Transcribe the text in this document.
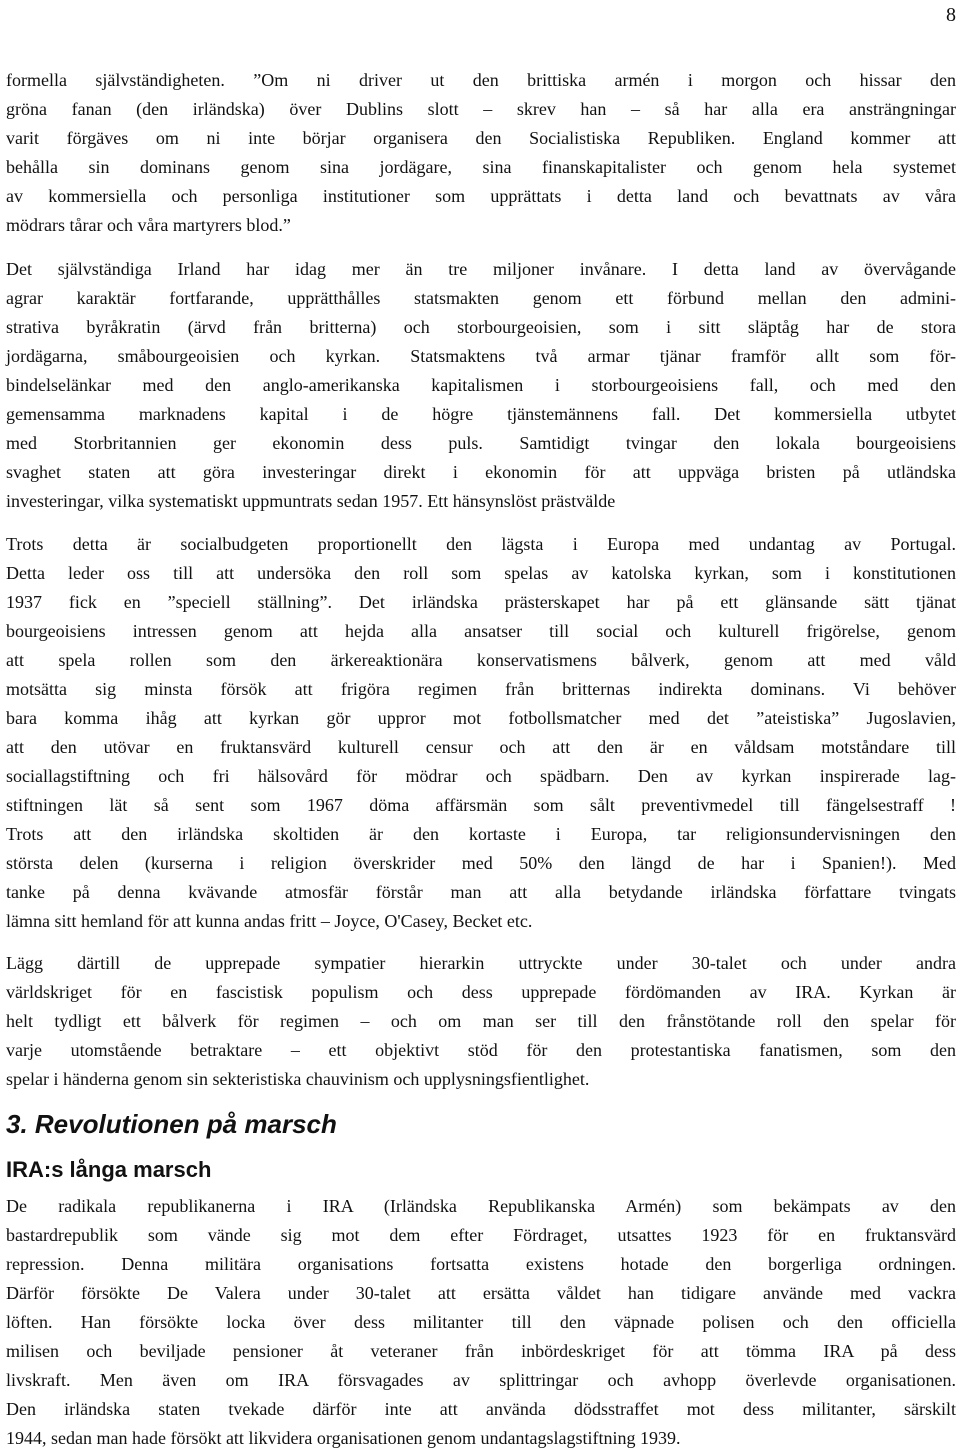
8
formella självständigheten. ”Om ni driver ut den brittiska armén i morgon och hissar den
gröna fanan (den irländska) över Dublins slott – skrev han – så har alla era ansträngningar
varit förgäves om ni inte börjar organisera den Socialistiska Republiken. England kommer att
behålla sin dominans genom sina jordägare, sina finanskapitalister och genom hela systemet
av kommersiella och personliga institutioner som upprättats i detta land och bevattnats av våra
mödrars tårar och våra martyrers blod.”
Det självständiga Irland har idag mer än tre miljoner invånare. I detta land av övervågande
agrar karaktär fortfarande, upprätthålles statsmakten genom ett förbund mellan den admini-
strativa byråkratin (ärvd från britterna) och storbourgeoisien, som i sitt släptåg har de stora
jordägarna, småbourgeoisien och kyrkan. Statsmaktens två armar tjänar framför allt som för-
bindelselänkar med den anglo-amerikanska kapitalismen i storbourgeoisiens fall, och med den
gemensamma marknadens kapital i de högre tjänstemännens fall. Det kommersiella utbytet
med Storbritannien ger ekonomin dess puls. Samtidigt tvingar den lokala bourgeoisiens
svaghet staten att göra investeringar direkt i ekonomin för att uppväga bristen på utländska
investeringar, vilka systematiskt uppmuntrats sedan 1957. Ett hänsynslöst prästvälde
Trots detta är socialbudgeten proportionellt den lägsta i Europa med undantag av Portugal.
Detta leder oss till att undersöka den roll som spelas av katolska kyrkan, som i konstitutionen
1937 fick en ”speciell ställning”. Det irländska prästerskapet har på ett glänsande sätt tjänat
bourgeoisiens intressen genom att hejda alla ansatser till social och kulturell frigörelse, genom
att spela rollen som den ärkereaktionära konservatismens bålverk, genom att med våld
motsätta sig minsta försök att frigöra regimen från britternas indirekta dominans. Vi behöver
bara komma ihåg att kyrkan gör uppror mot fotbollsmatcher med det ”ateistiska” Jugoslavien,
att den utövar en fruktansvärd kulturell censur och att den är en våldsam motståndare till
sociallagstiftning och fri hälsovård för mödrar och spädbarn. Den av kyrkan inspirerade lag-
stiftningen lät så sent som 1967 döma affärsmän som sålt preventivmedel till fängelsestraff !
Trots att den irländska skoltiden är den kortaste i Europa, tar religionsundervisningen den
största delen (kurserna i religion överskrider med 50% den längd de har i Spanien!). Med
tanke på denna kvävande atmosfär förstår man att alla betydande irländska författare tvingats
lämna sitt hemland för att kunna andas fritt – Joyce, O'Casey, Becket etc.
Lägg därtill de upprepade sympatier hierarkin uttryckte under 30-talet och under andra
världskriget för en fascistisk populism och dess upprepade fördömanden av IRA. Kyrkan är
helt tydligt ett bålverk för regimen – och om man ser till den frånstötande roll den spelar för
varje utomstående betraktare – ett objektivt stöd för den protestantiska fanatismen, som den
spelar i händerna genom sin sekteristiska chauvinism och upplysningsfientlighet.
3. Revolutionen på marsch
IRA:s långa marsch
De radikala republikanerna i IRA (Irländska Republikanska Armén) som bekämpats av den
bastardrepublik som vände sig mot dem efter Fördraget, utsattes 1923 för en fruktansvärd
repression. Denna militära organisations fortsatta existens hotade den borgerliga ordningen.
Därför försökte De Valera under 30-talet att ersätta våldet han tidigare använde med vackra
löften. Han försökte locka över dess militanter till den väpnade polisen och den officiella
milisen och beviljade pensioner åt veteraner från inbördeskriget för att tömma IRA på dess
livskraft. Men även om IRA försvagades av splittringar och avhopp överlevde organisationen.
Den irländska staten tvekade därför inte att använda dödsstraffet mot dess militanter, särskilt
1944, sedan man hade försökt att likvidera organisationen genom undantagslagstiftning 1939.
